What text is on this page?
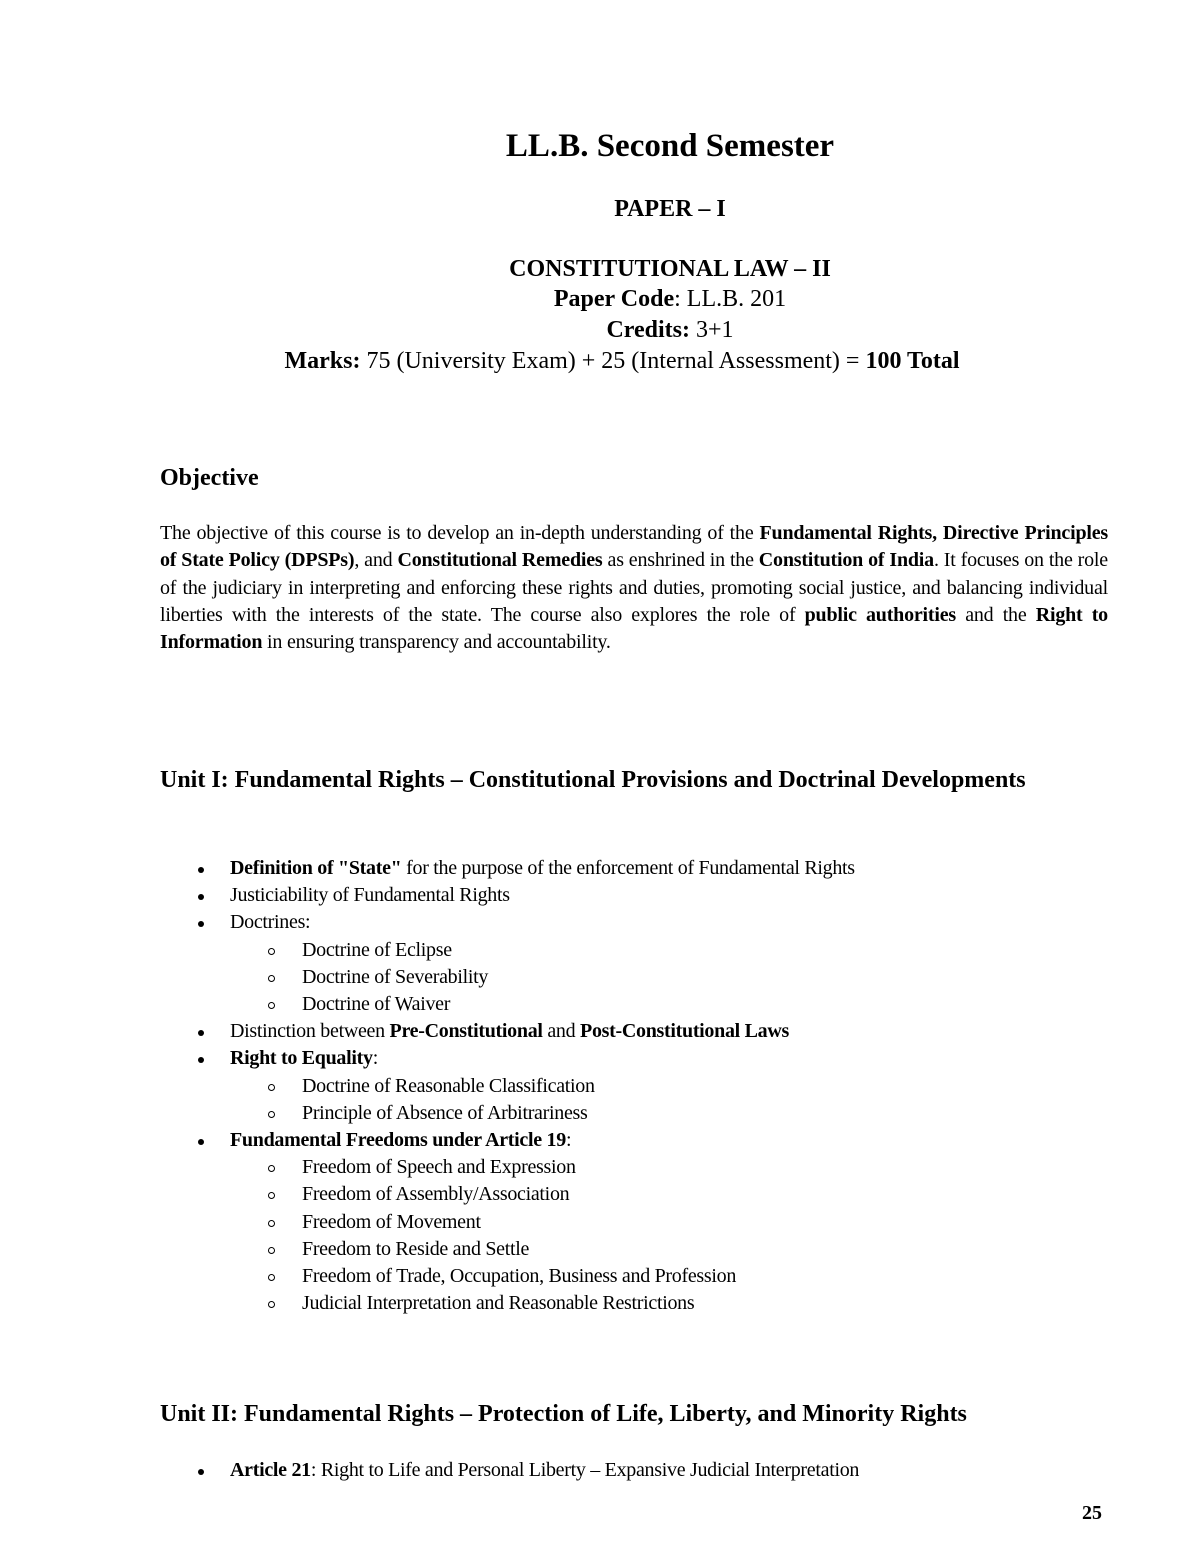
LL.B. Second Semester
PAPER – I
CONSTITUTIONAL LAW – II
Paper Code: LL.B. 201
Credits: 3+1
Marks: 75 (University Exam) + 25 (Internal Assessment) = 100 Total
Objective
The objective of this course is to develop an in-depth understanding of the Fundamental Rights, Directive Principles of State Policy (DPSPs), and Constitutional Remedies as enshrined in the Constitution of India. It focuses on the role of the judiciary in interpreting and enforcing these rights and duties, promoting social justice, and balancing individual liberties with the interests of the state. The course also explores the role of public authorities and the Right to Information in ensuring transparency and accountability.
Unit I: Fundamental Rights – Constitutional Provisions and Doctrinal Developments
Definition of "State" for the purpose of the enforcement of Fundamental Rights
Justiciability of Fundamental Rights
Doctrines:
Doctrine of Eclipse
Doctrine of Severability
Doctrine of Waiver
Distinction between Pre-Constitutional and Post-Constitutional Laws
Right to Equality:
Doctrine of Reasonable Classification
Principle of Absence of Arbitrariness
Fundamental Freedoms under Article 19:
Freedom of Speech and Expression
Freedom of Assembly/Association
Freedom of Movement
Freedom to Reside and Settle
Freedom of Trade, Occupation, Business and Profession
Judicial Interpretation and Reasonable Restrictions
Unit II: Fundamental Rights – Protection of Life, Liberty, and Minority Rights
Article 21: Right to Life and Personal Liberty – Expansive Judicial Interpretation
25
